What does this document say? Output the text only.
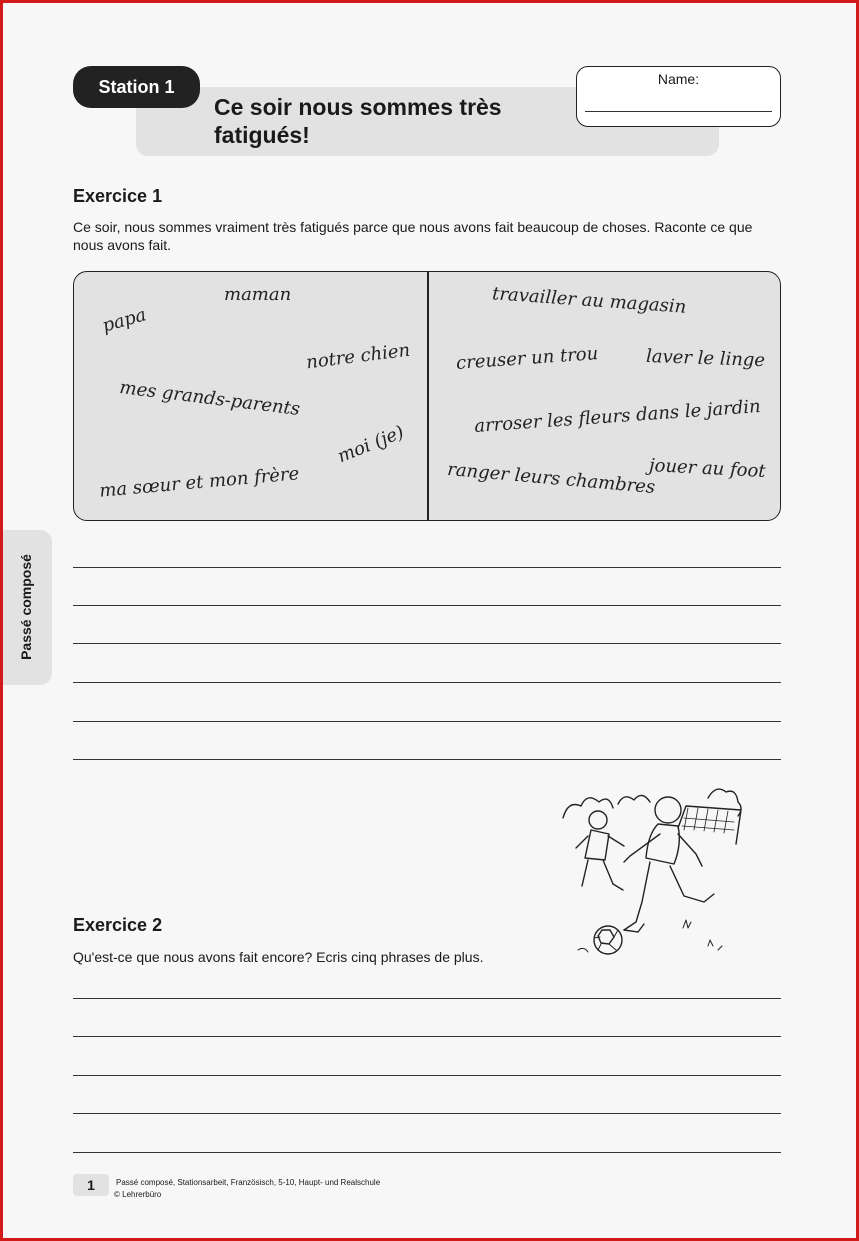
Station 1
Ce soir nous sommes très fatigués!
Name:
Exercice 1
Ce soir, nous sommes vraiment très fatigués parce que nous avons fait beaucoup de choses. Raconte ce que nous avons fait.
papa
maman
notre chien
mes grands-parents
moi (je)
ma sœur et mon frère
travailler au magasin
creuser un trou	laver le linge
arroser les fleurs dans le jardin
ranger leurs chambres
jouer au foot
Exercice 2
Qu'est-ce que nous avons fait encore? Ecris cinq phrases de plus.
1	Passé composé, Stationsarbeit, Französisch, 5-10, Haupt- und Realschule
© Lehrerbüro
Passé composé
